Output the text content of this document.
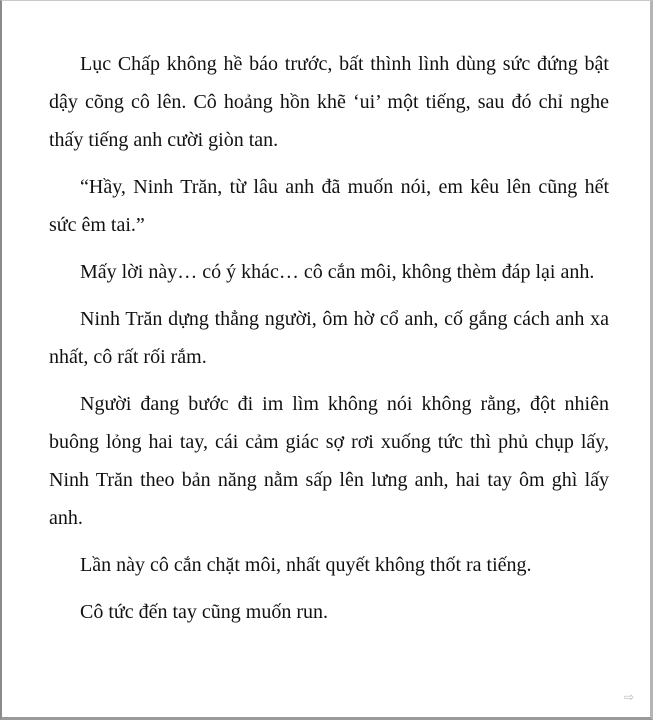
Lục Chấp không hề báo trước, bất thình lình dùng sức đứng bật dậy cõng cô lên. Cô hoảng hồn khẽ ‘ui’ một tiếng, sau đó chỉ nghe thấy tiếng anh cười giòn tan.

“Hầy, Ninh Trăn, từ lâu anh đã muốn nói, em kêu lên cũng hết sức êm tai.”

Mấy lời này… có ý khác… cô cắn môi, không thèm đáp lại anh.

Ninh Trăn dựng thẳng người, ôm hờ cổ anh, cố gắng cách anh xa nhất, cô rất rối rắm.

Người đang bước đi im lìm không nói không rằng, đột nhiên buông lỏng hai tay, cái cảm giác sợ rơi xuống tức thì phủ chụp lấy, Ninh Trăn theo bản năng nằm sấp lên lưng anh, hai tay ôm ghì lấy anh.

Lần này cô cắn chặt môi, nhất quyết không thốt ra tiếng.

Cô tức đến tay cũng muốn run.

⇨
